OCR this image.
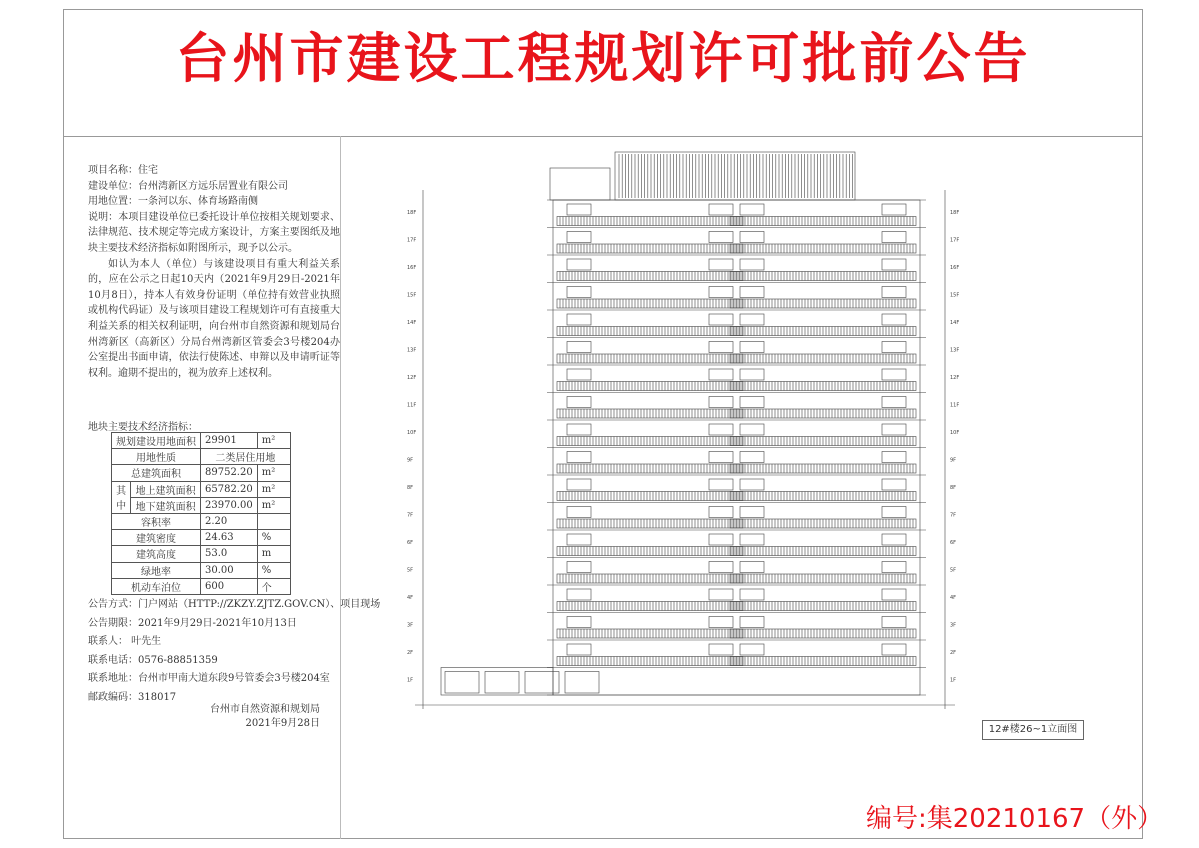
台州市建设工程规划许可批前公告

项目名称：住宅

建设单位：台州湾新区方远乐居置业有限公司

用地位置：一条河以东、体育场路南侧

说明：本项目建设单位已委托设计单位按相关规划要求、法律规范、技术规定等完成方案设计，方案主要图纸及地块主要技术经济指标如附图所示，现予以公示。

如认为本人（单位）与该建设项目有重大利益关系的，应在公示之日起10天内（2021年9月29日-2021年10月8日），持本人有效身份证明（单位持有效营业执照或机构代码证）及与该项目建设工程规划许可有直接重大利益关系的相关权利证明，向台州市自然资源和规划局台州湾新区（高新区）分局台州湾新区管委会3号楼204办公室提出书面申请，依法行使陈述、申辩以及申请听证等权利。逾期不提出的，视为放弃上述权利。

地块主要技术经济指标：
规划建设用地面积		29901	m²
用地性质		二类居住用地	
总建筑面积		89752.20	m²

其
中	地上建筑面积	65782.20	m²
	地下建筑面积	23970.00	m²
容积率		2.20	
建筑密度		24.63	%
建筑高度		53.0	m
绿地率		30.00	%
机动车泊位		600	个

公告方式：门户网站（HTTP://ZKZY.ZJTZ.GOV.CN）、项目现场

公告期限：2021年9月29日-2021年10月13日

联系人： 叶先生

联系电话：0576-88851359

联系地址：台州市甲南大道东段9号管委会3号楼204室

邮政编码：318017

台州市自然资源和规划局

2021年9月28日

18F	18F
17F	17F
16F	16F
15F	15F
14F	14F
13F	13F
12F	12F
11F	11F
10F	10F
9F	9F
8F	8F
7F	7F
6F	6F
5F	5F
4F	4F
3F	3F
2F	2F
1F	1F
12#楼26~1立面图
编号:集20210167（外）
